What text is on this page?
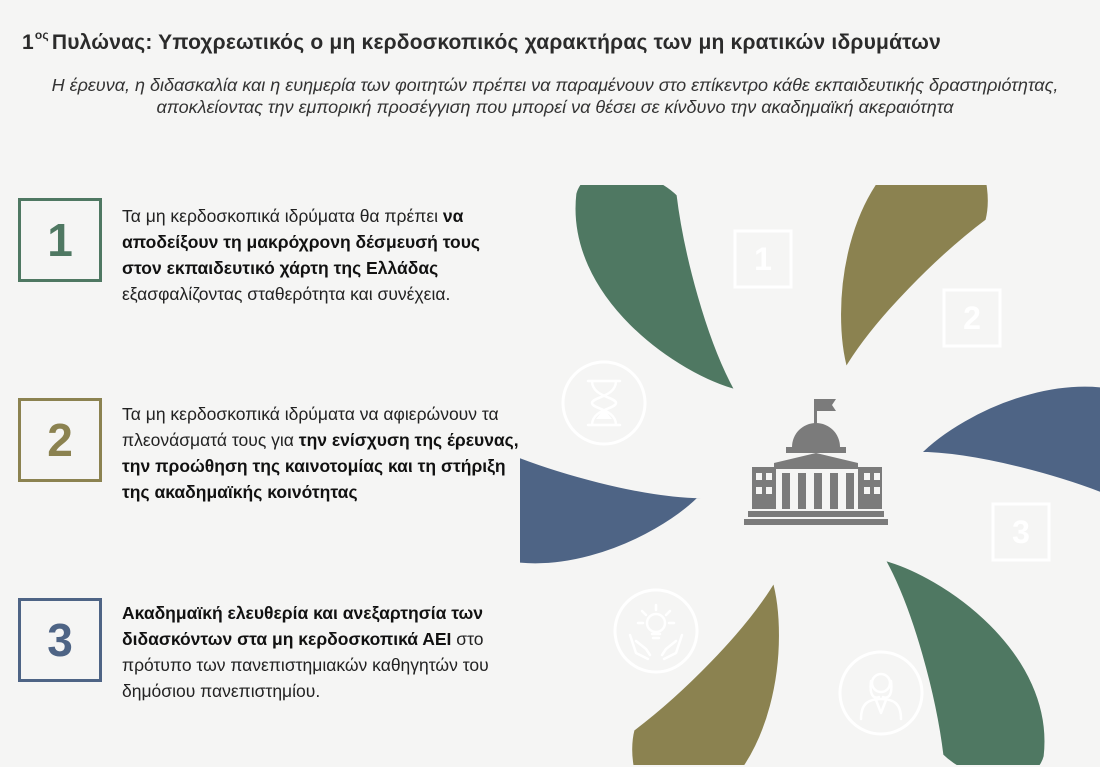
$1^{o\varsigma}$ Πυλώνας: Υποχρεωτικός ο μη κερδοσκοπικός χαρακτήρας των μη κρατικών ιδρυμάτων
Η έρευνα, η διδασκαλία και η ευημερία των φοιτητών πρέπει να παραμένουν στο επίκεντρο κάθε εκπαιδευτικής δραστηριότητας, αποκλείοντας την εμπορική προσέγγιση που μπορεί να θέσει σε κίνδυνο την ακαδημαϊκή ακεραιότητα
1	Τα μη κερδοσκοπικά ιδρύματα θα πρέπει να αποδείξουν τη μακρόχρονη δέσμευσή τους στον εκπαιδευτικό χάρτη της Ελλάδας εξασφαλίζοντας σταθερότητα και συνέχεια.
2	Τα μη κερδοσκοπικά ιδρύματα να αφιερώνουν τα πλεονάσματά τους για την ενίσχυση της έρευνας, την προώθηση της καινοτομίας και τη στήριξη της ακαδημαϊκής κοινότητας
3
Ακαδημαϊκή ελευθερία και ανεξαρτησία των διδασκόντων στα μη κερδοσκοπικά ΑΕΙ στο πρότυπο των πανεπιστημιακών καθηγητών του δημόσιου πανεπιστημίου.
1
2
3
